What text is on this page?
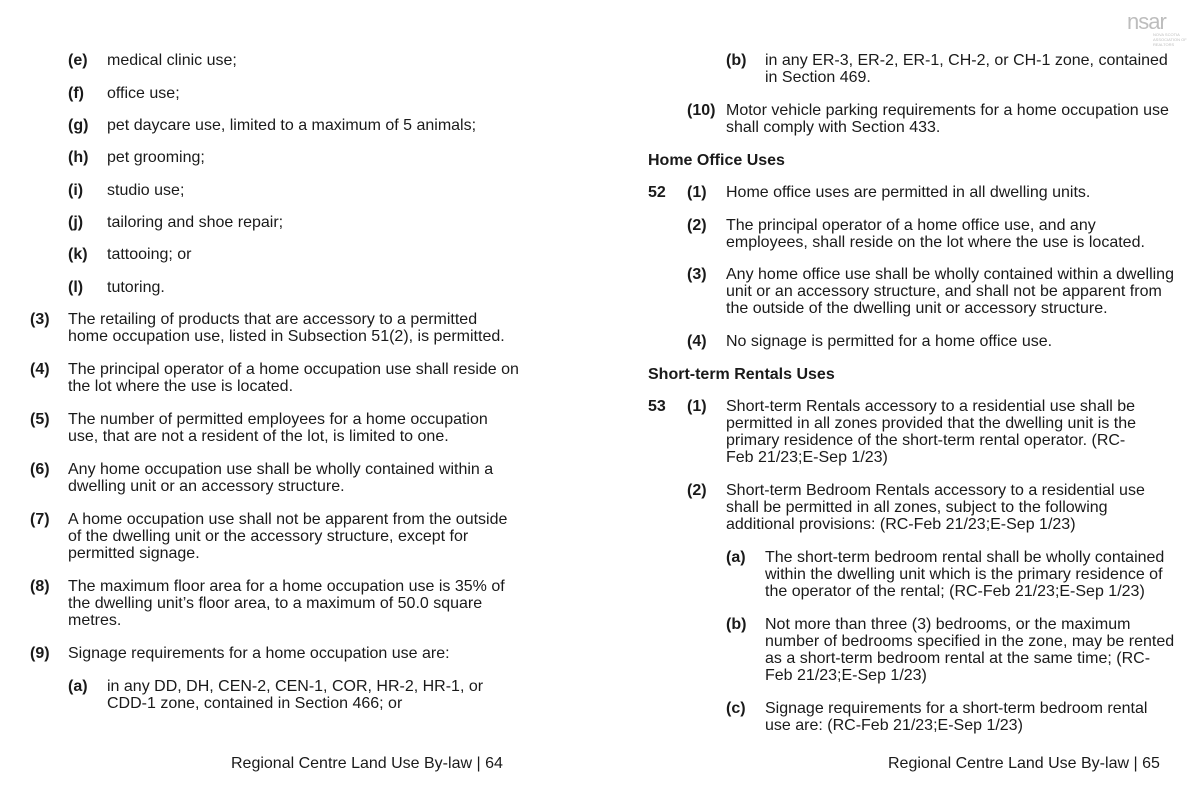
nsar
NOVA SCOTIA ASSOCIATION OF REALTORS
(e) medical clinic use;
(f) office use;
(g) pet daycare use, limited to a maximum of 5 animals;
(h) pet grooming;
(i) studio use;
(j) tailoring and shoe repair;
(k) tattooing; or
(l) tutoring.
(3) The retailing of products that are accessory to a permitted
home occupation use, listed in Subsection 51(2), is permitted.
(4) The principal operator of a home occupation use shall reside on
the lot where the use is located.
(5) The number of permitted employees for a home occupation
use, that are not a resident of the lot, is limited to one.
(6) Any home occupation use shall be wholly contained within a
dwelling unit or an accessory structure.
(7) A home occupation use shall not be apparent from the outside
of the dwelling unit or the accessory structure, except for
permitted signage.
(8) The maximum floor area for a home occupation use is 35% of
the dwelling unit’s floor area, to a maximum of 50.0 square
metres.
(9) Signage requirements for a home occupation use are:
(a) in any DD, DH, CEN-2, CEN-1, COR, HR-2, HR-1, or
CDD-1 zone, contained in Section 466; or
Regional Centre Land Use By-law | 64
(b) in any ER-3, ER-2, ER-1, CH-2, or CH-1 zone, contained
in Section 469.
(10) Motor vehicle parking requirements for a home occupation use
shall comply with Section 433.
Home Office Uses
52 (1) Home office uses are permitted in all dwelling units.
(2) The principal operator of a home office use, and any
employees, shall reside on the lot where the use is located.
(3) Any home office use shall be wholly contained within a dwelling
unit or an accessory structure, and shall not be apparent from
the outside of the dwelling unit or accessory structure.
(4) No signage is permitted for a home office use.
Short-term Rentals Uses
53 (1) Short-term Rentals accessory to a residential use shall be
permitted in all zones provided that the dwelling unit is the
primary residence of the short-term rental operator. (RC-
Feb 21/23;E-Sep 1/23)
(2) Short-term Bedroom Rentals accessory to a residential use
shall be permitted in all zones, subject to the following
additional provisions: (RC-Feb 21/23;E-Sep 1/23)
(a) The short-term bedroom rental shall be wholly contained
within the dwelling unit which is the primary residence of
the operator of the rental; (RC-Feb 21/23;E-Sep 1/23)
(b) Not more than three (3) bedrooms, or the maximum
number of bedrooms specified in the zone, may be rented
as a short-term bedroom rental at the same time; (RC-
Feb 21/23;E-Sep 1/23)
(c) Signage requirements for a short-term bedroom rental
use are: (RC-Feb 21/23;E-Sep 1/23)
Regional Centre Land Use By-law | 65
